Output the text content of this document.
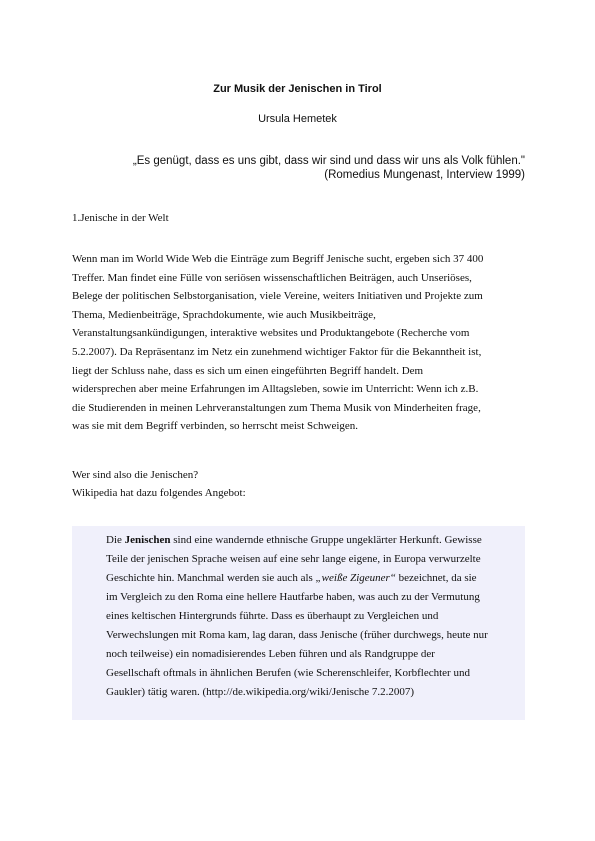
Zur Musik der Jenischen in Tirol
Ursula Hemetek
„Es genügt, dass es uns gibt, dass wir sind und dass wir uns als Volk fühlen."
(Romedius Mungenast, Interview 1999)
1.Jenische in der Welt

Wenn man im World Wide Web die Einträge zum Begriff Jenische sucht, ergeben sich 37 400
Treffer. Man findet eine Fülle von seriösen wissenschaftlichen Beiträgen, auch Unseriöses,
Belege der politischen Selbstorganisation, viele Vereine, weiters Initiativen und Projekte zum
Thema, Medienbeiträge, Sprachdokumente, wie auch Musikbeiträge,
Veranstaltungsankündigungen, interaktive websites und Produktangebote (Recherche vom
5.2.2007). Da Repräsentanz im Netz ein zunehmend wichtiger Faktor für die Bekanntheit ist,
liegt der Schluss nahe, dass es sich um einen eingeführten Begriff handelt. Dem
widersprechen aber meine Erfahrungen im Alltagsleben, sowie im Unterricht: Wenn ich z.B.
die Studierenden in meinen Lehrveranstaltungen zum Thema Musik von Minderheiten frage,
was sie mit dem Begriff verbinden, so herrscht meist Schweigen.

Wer sind also die Jenischen?
Wikipedia hat dazu folgendes Angebot:

Die Jenischen sind eine wandernde ethnische Gruppe ungeklärter Herkunft. Gewisse
Teile der jenischen Sprache weisen auf eine sehr lange eigene, in Europa verwurzelte
Geschichte hin. Manchmal werden sie auch als „weiße Zigeuner“ bezeichnet, da sie
im Vergleich zu den Roma eine hellere Hautfarbe haben, was auch zu der Vermutung
eines keltischen Hintergrunds führte. Dass es überhaupt zu Vergleichen und
Verwechslungen mit Roma kam, lag daran, dass Jenische (früher durchwegs, heute nur
noch teilweise) ein nomadisierendes Leben führen und als Randgruppe der
Gesellschaft oftmals in ähnlichen Berufen (wie Scherenschleifer, Korbflechter und
Gaukler) tätig waren. (http://de.wikipedia.org/wiki/Jenische 7.2.2007)
